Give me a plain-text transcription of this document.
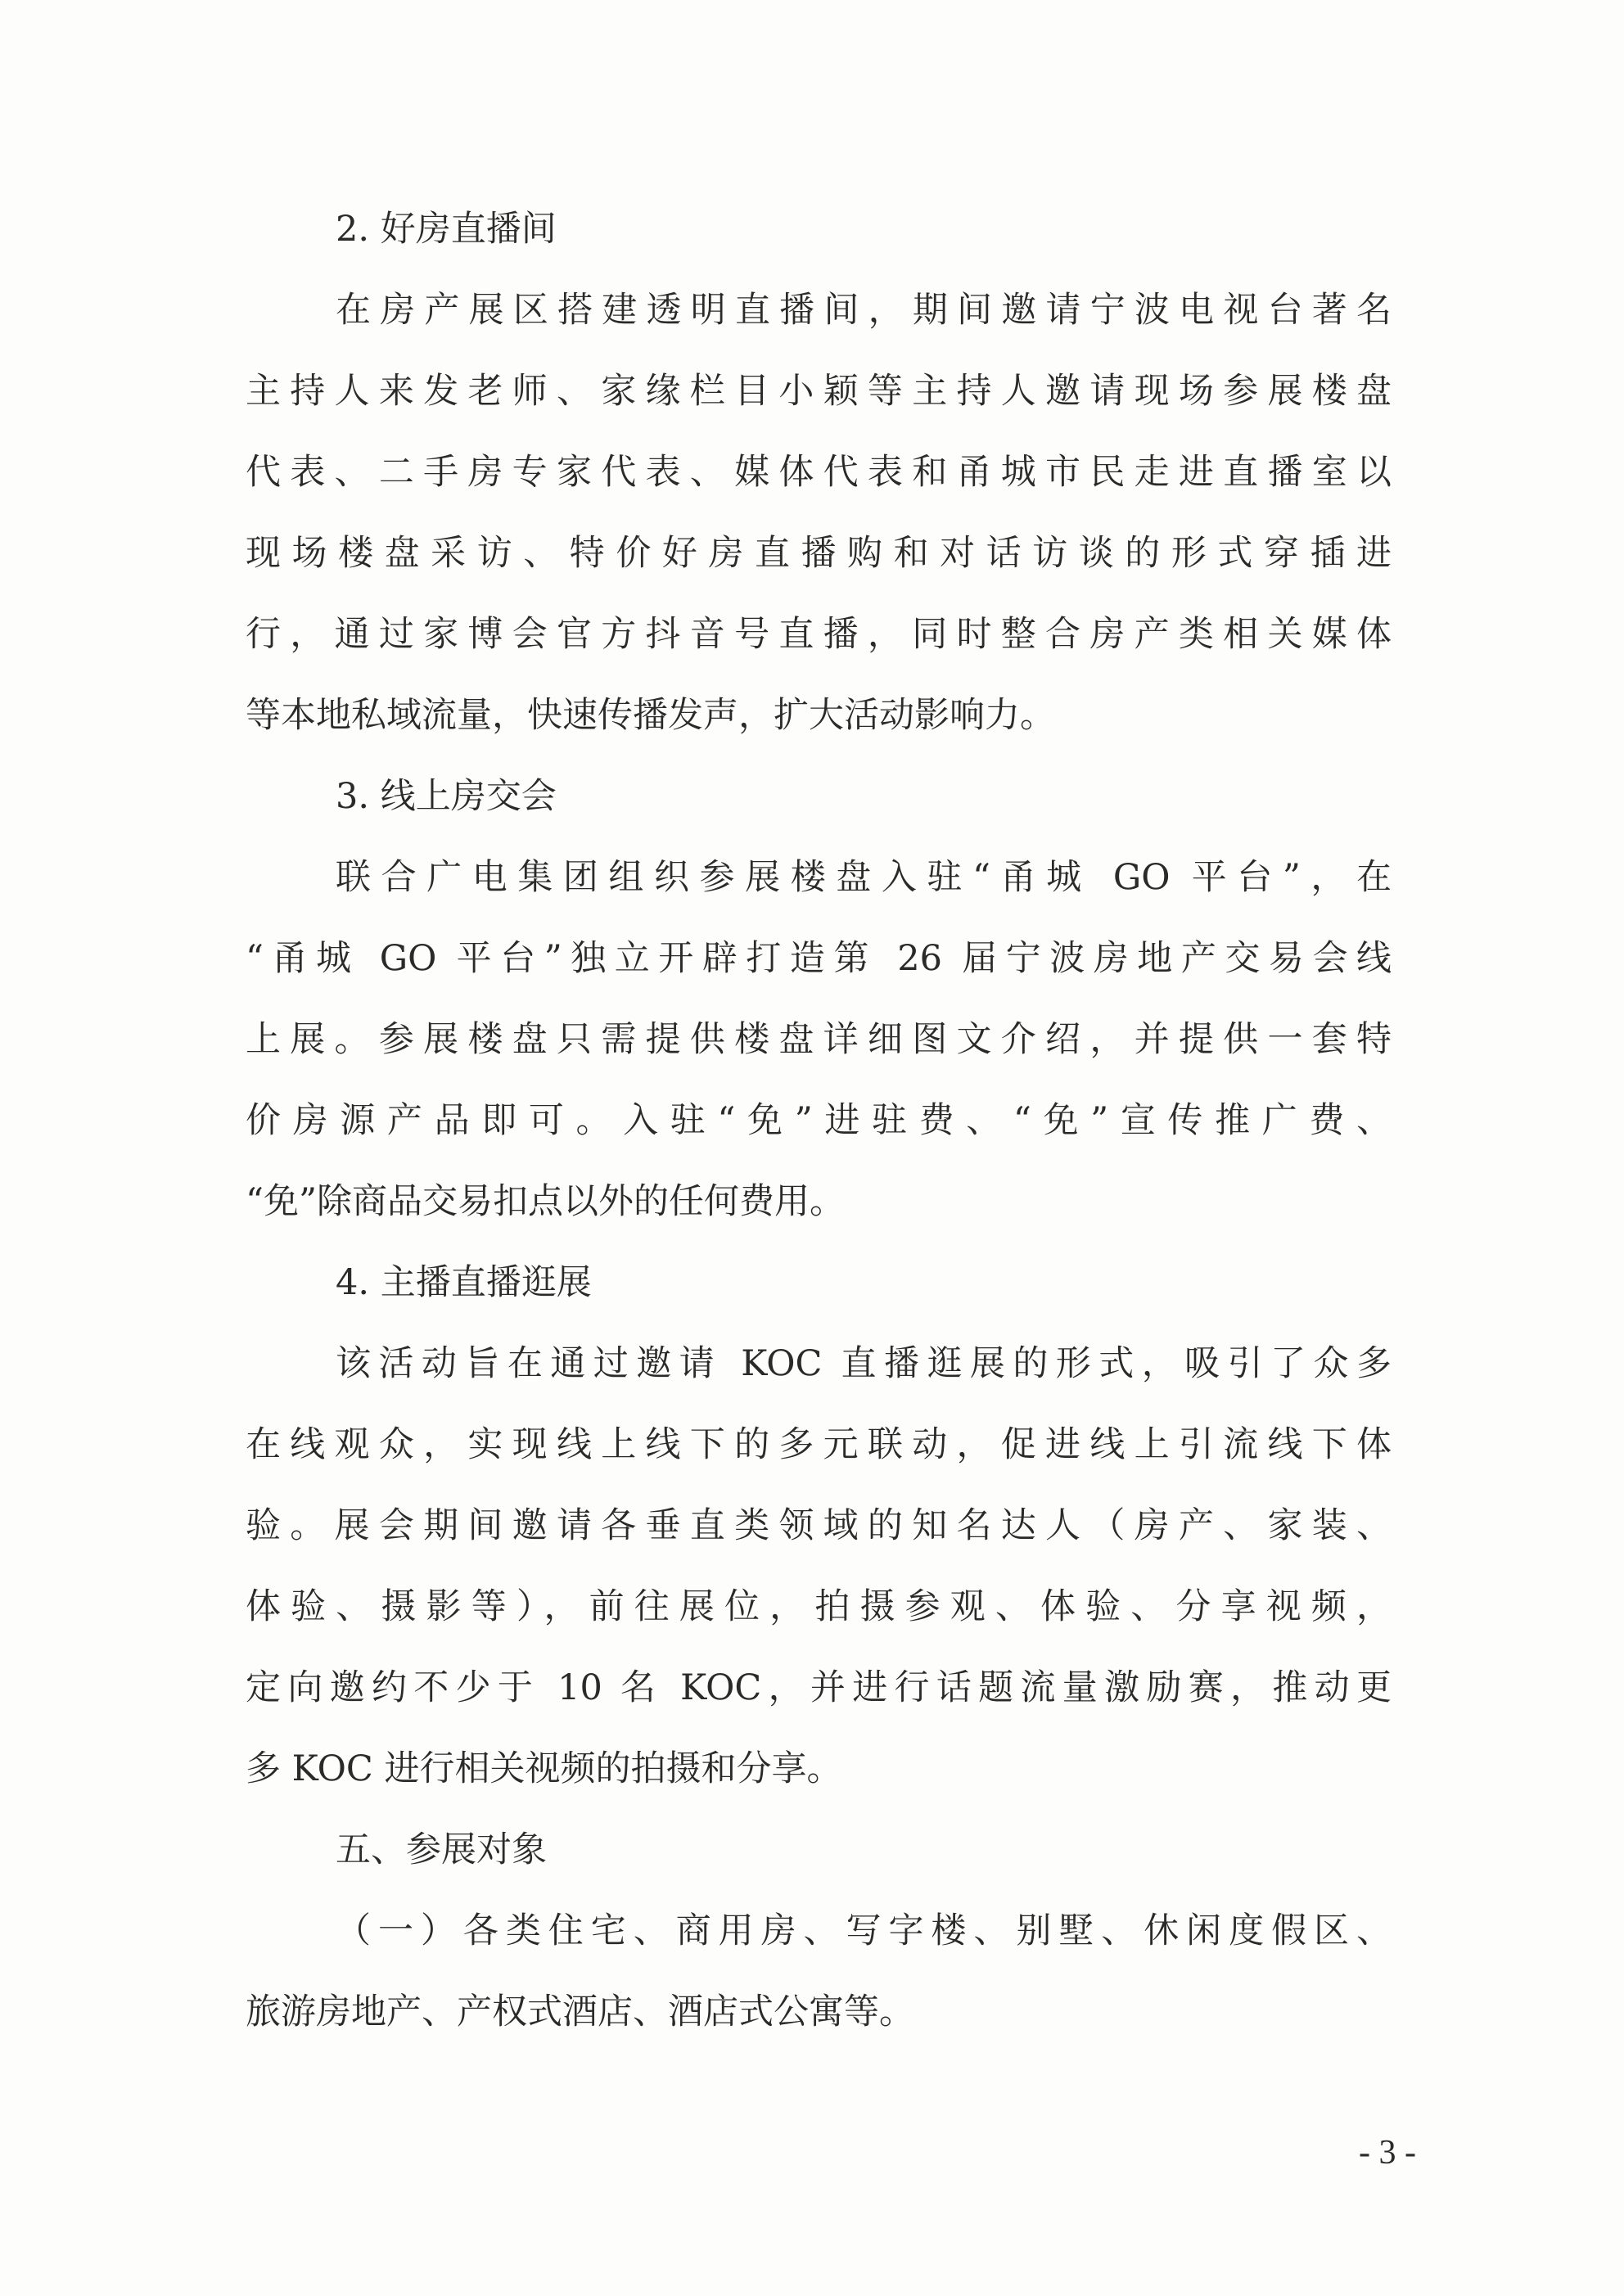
2. 好房直播间
在房产展区搭建透明直播间，期间邀请宁波电视台著名
主持人来发老师、家缘栏目小颖等主持人邀请现场参展楼盘
代表、二手房专家代表、媒体代表和甬城市民走进直播室以
现场楼盘采访、特价好房直播购和对话访谈的形式穿插进
行，通过家博会官方抖音号直播，同时整合房产类相关媒体
等本地私域流量，快速传播发声，扩大活动影响力。
3. 线上房交会
联合广电集团组织参展楼盘入驻“甬城 GO 平台”，在
“甬城 GO 平台”独立开辟打造第 26 届宁波房地产交易会线
上展。参展楼盘只需提供楼盘详细图文介绍，并提供一套特
价房源产品即可。入驻“免”进驻费、“免”宣传推广费、
“免”除商品交易扣点以外的任何费用。
4. 主播直播逛展
该活动旨在通过邀请 KOC 直播逛展的形式，吸引了众多
在线观众，实现线上线下的多元联动，促进线上引流线下体
验。展会期间邀请各垂直类领域的知名达人（房产、家装、
体验、摄影等），前往展位，拍摄参观、体验、分享视频，
定向邀约不少于 10 名 KOC，并进行话题流量激励赛，推动更
多 KOC 进行相关视频的拍摄和分享。
五、参展对象
（一）各类住宅、商用房、写字楼、别墅、休闲度假区、
旅游房地产、产权式酒店、酒店式公寓等。
- 3 -
